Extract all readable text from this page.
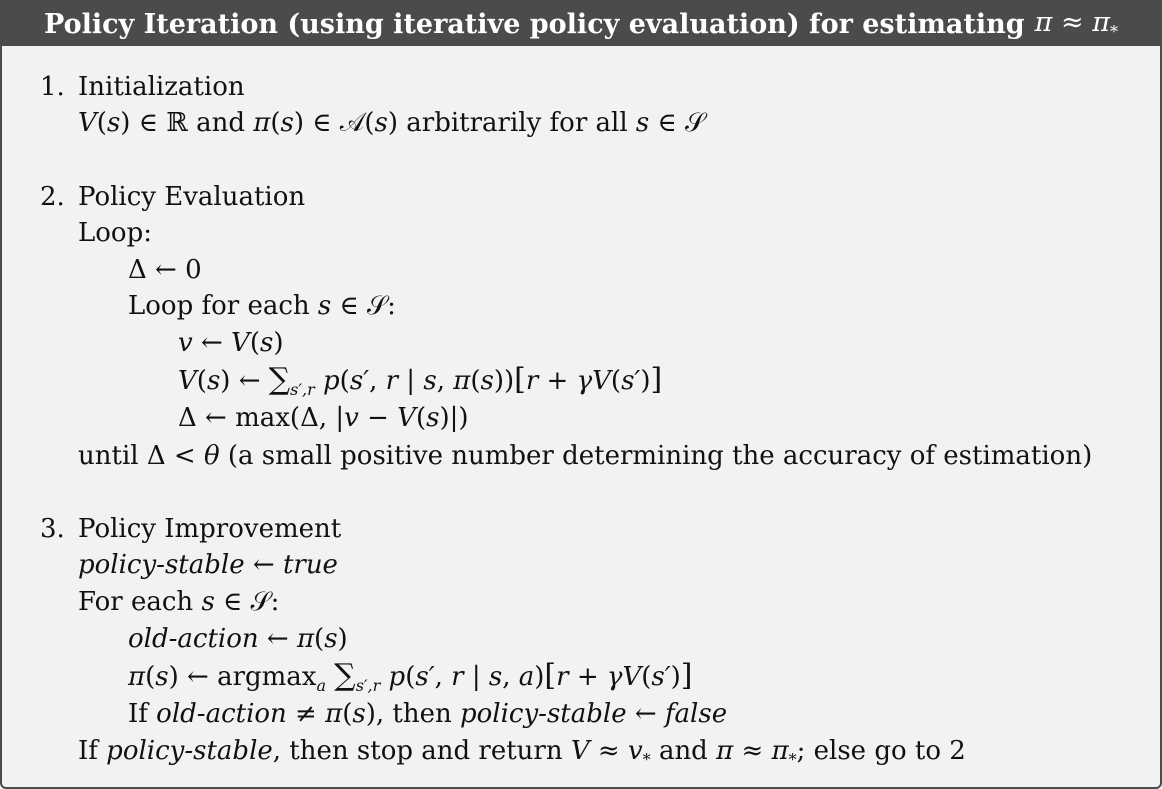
Policy Iteration (using iterative policy evaluation) for estimating $\pi \approx \pi_*$
1. Initialization
V(s) ∈ ℝ and π(s) ∈ 𝒜(s) arbitrarily for all s ∈ 𝒮
2. Policy Evaluation
Loop:
Δ ← 0
Loop for each s ∈ 𝒮:
v ← V(s)
V(s) ← $\sum_{s',r}$ p(s′, r | s, π(s))[r + γV(s′)]
Δ ← max(Δ, |v − V(s)|)
until Δ < θ (a small positive number determining the accuracy of estimation)
3. Policy Improvement
policy-stable ← true
For each s ∈ 𝒮:
old-action ← π(s)
π(s) ← argmax$_a$ $\sum_{s',r}$ p(s′, r | s, a)[r + γV(s′)]
If old-action ≠ π(s), then policy-stable ← false
If policy-stable, then stop and return $V \approx v_*$ and $\pi \approx \pi_*$; else go to 2
